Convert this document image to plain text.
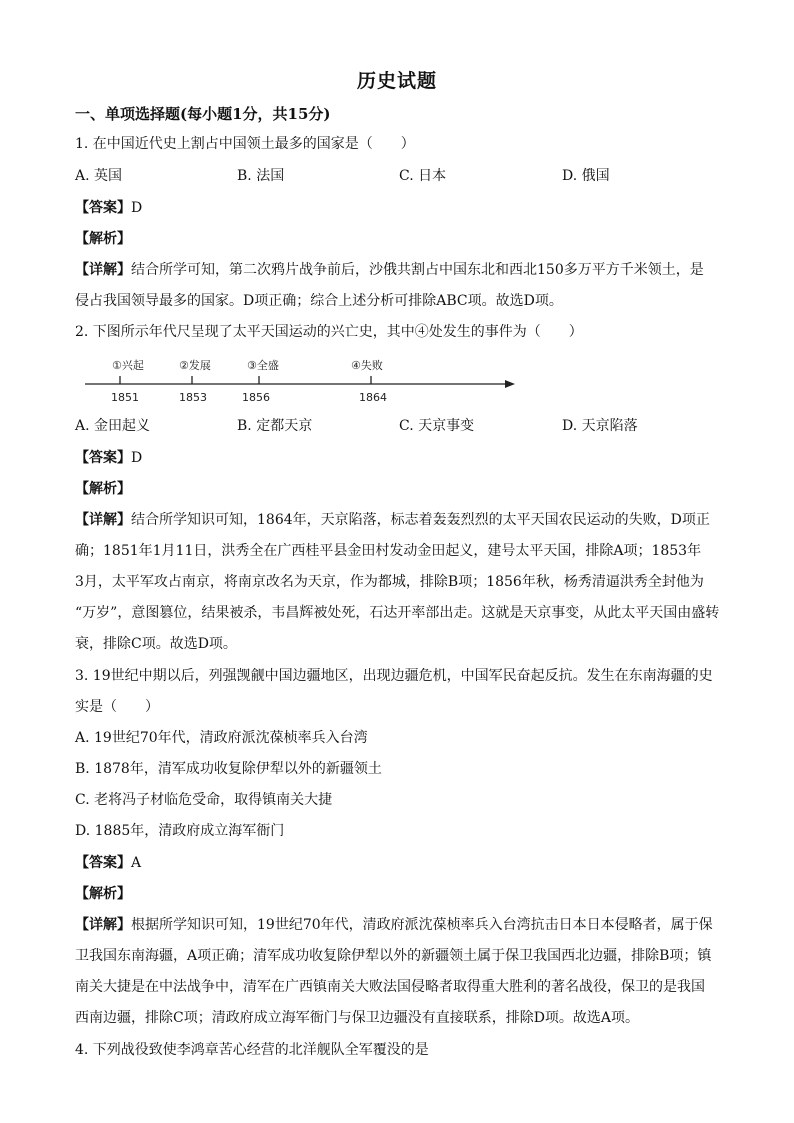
历史试题
一、单项选择题(每小题1分，共15分)
1. 在中国近代史上割占中国领土最多的国家是（　　）
A. 英国	B. 法国	C. 日本	D. 俄国
【答案】D
【解析】
【详解】结合所学可知，第二次鸦片战争前后，沙俄共割占中国东北和西北150多万平方千米领土，是
侵占我国领导最多的国家。D项正确；综合上述分析可排除ABC项。故选D项。
2. 下图所示年代尺呈现了太平天国运动的兴亡史，其中④处发生的事件为（　　）
①兴起
1851
②发展
1853
③全盛
1856
④失败
1864
A. 金田起义	B. 定都天京	C. 天京事变	D. 天京陷落
【答案】D
【解析】
【详解】结合所学知识可知，1864年，天京陷落，标志着轰轰烈烈的太平天国农民运动的失败，D项正
确；1851年1月11日，洪秀全在广西桂平县金田村发动金田起义，建号太平天国，排除A项；1853年
3月，太平军攻占南京，将南京改名为天京，作为都城，排除B项；1856年秋，杨秀清逼洪秀全封他为
“万岁”，意图篡位，结果被杀，韦昌辉被处死，石达开率部出走。这就是天京事变，从此太平天国由盛转
衰，排除C项。故选D项。
3. 19世纪中期以后，列强觊觎中国边疆地区，出现边疆危机，中国军民奋起反抗。发生在东南海疆的史
实是（　　）
A. 19世纪70年代，清政府派沈葆桢率兵入台湾
B. 1878年，清军成功收复除伊犁以外的新疆领土
C. 老将冯子材临危受命，取得镇南关大捷
D. 1885年，清政府成立海军衙门
【答案】A
【解析】
【详解】根据所学知识可知，19世纪70年代，清政府派沈葆桢率兵入台湾抗击日本日本侵略者，属于保
卫我国东南海疆，A项正确；清军成功收复除伊犁以外的新疆领土属于保卫我国西北边疆，排除B项；镇
南关大捷是在中法战争中，清军在广西镇南关大败法国侵略者取得重大胜利的著名战役，保卫的是我国
西南边疆，排除C项；清政府成立海军衙门与保卫边疆没有直接联系，排除D项。故选A项。
4. 下列战役致使李鸿章苦心经营的北洋舰队全军覆没的是
